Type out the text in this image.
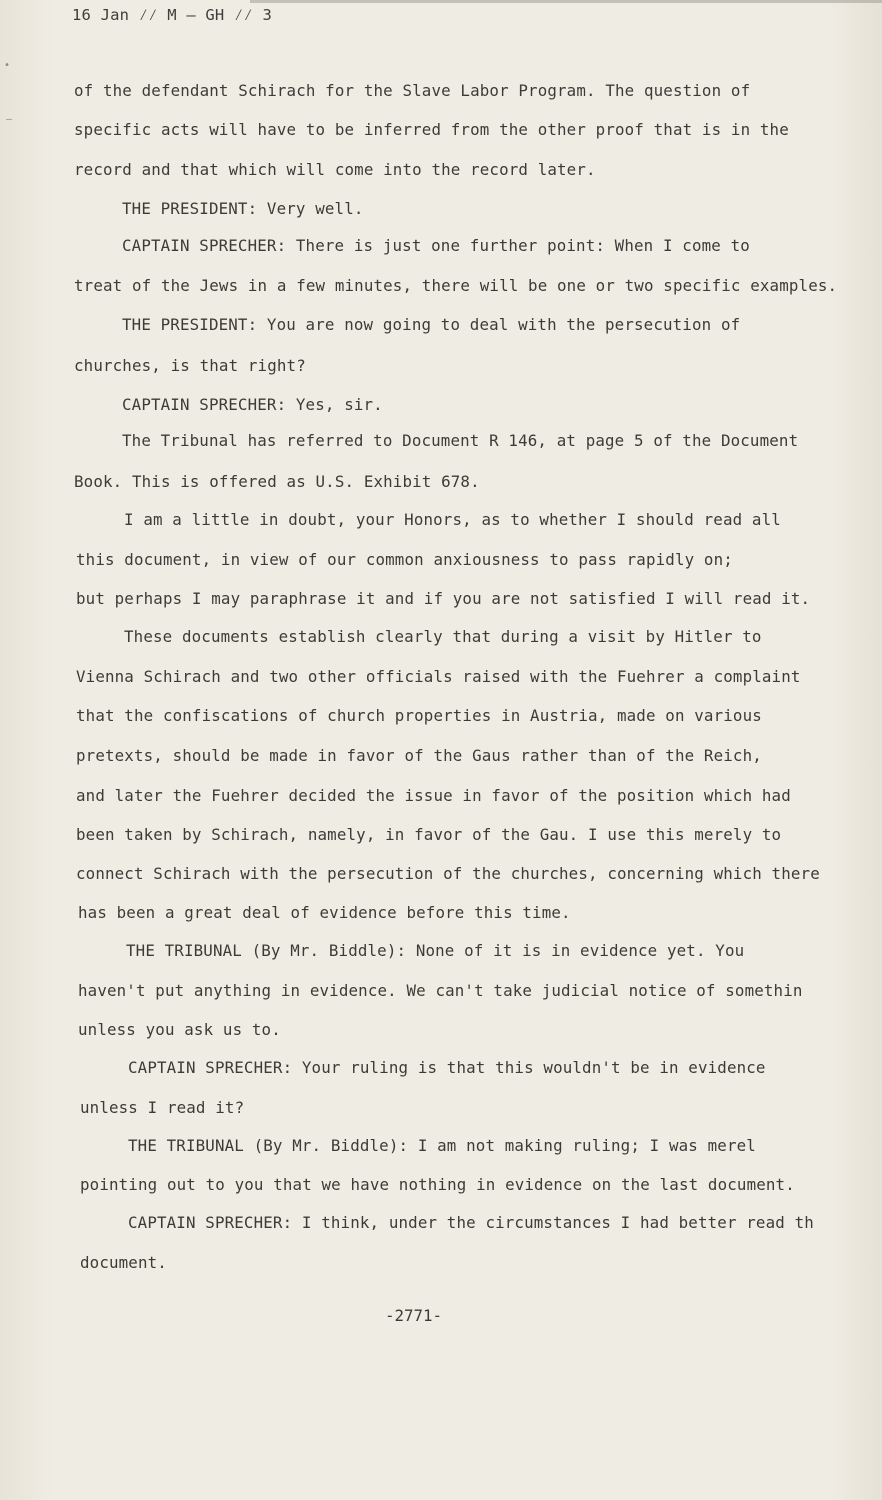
•
–
16 Jan ⁄⁄ M – GH ⁄⁄ 3
of the defendant Schirach for the Slave Labor Program. The question of
specific acts will have to be inferred from the other proof that is in the
record and that which will come into the record later.
THE PRESIDENT: Very well.
CAPTAIN SPRECHER: There is just one further point: When I come to
treat of the Jews in a few minutes, there will be one or two specific examples.
THE PRESIDENT: You are now going to deal with the persecution of
churches, is that right?
CAPTAIN SPRECHER: Yes, sir.
The Tribunal has referred to Document R 146, at page 5 of the Document
Book. This is offered as U.S. Exhibit 678.
I am a little in doubt, your Honors, as to whether I should read all
this document, in view of our common anxiousness to pass rapidly on;
but perhaps I may paraphrase it and if you are not satisfied I will read it.
These documents establish clearly that during a visit by Hitler to
Vienna Schirach and two other officials raised with the Fuehrer a complaint
that the confiscations of church properties in Austria, made on various
pretexts, should be made in favor of the Gaus rather than of the Reich,
and later the Fuehrer decided the issue in favor of the position which had
been taken by Schirach, namely, in favor of the Gau. I use this merely to
connect Schirach with the persecution of the churches, concerning which there
has been a great deal of evidence before this time.
THE TRIBUNAL (By Mr. Biddle): None of it is in evidence yet. You
haven't put anything in evidence. We can't take judicial notice of somethin
unless you ask us to.
CAPTAIN SPRECHER: Your ruling is that this wouldn't be in evidence
unless I read it?
THE TRIBUNAL (By Mr. Biddle): I am not making ruling; I was merel
pointing out to you that we have nothing in evidence on the last document.
CAPTAIN SPRECHER: I think, under the circumstances I had better read th
document.
-2771-
